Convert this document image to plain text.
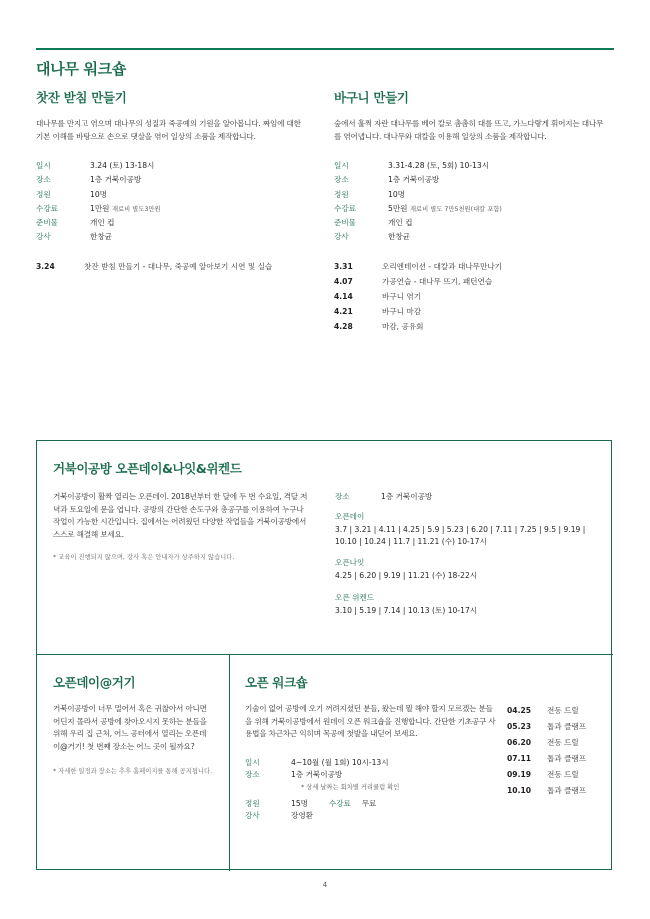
대나무 워크숍
찻잔 받침 만들기

대나무를 만지고 엮으며 대나무의 성질과 죽공예의 기원을 알아봅니다. 짜임에 대한 기본 이해를 바탕으로 손으로 댓살을 엮어 일상의 소품을 제작합니다.

일시	3.24 (토) 13-18시
장소	1층 거북이공방
정원	10명
수강료	1만원 재료비 별도3만원
준비물	개인 컵
강사	한창균
3.24	찻잔 받침 만들기 - 대나무, 죽공예 알아보기 시연 및 실습
바구니 만들기

숲에서 훌쩍 자란 대나무를 베어 칼로 촘촘히 대를 뜨고, 가느다랗게 휘어지는 대나무를 엮어냅니다. 대나무와 대칼을 이용해 일상의 소품을 제작합니다.

일시	3.31-4.28 (토, 5회) 10-13시
장소	1층 거북이공방
정원	10명
수강료	5만원 재료비 별도 7만5천원(대칼 포함)
준비물	개인 컵
강사	한창균
3.31	오리엔테이션 - 대칼과 대나무만나기
4.07	가공연습 - 대나무 뜨기, 패턴연습
4.14	바구니 엮기
4.21	바구니 마감
4.28	마감, 공유회
거북이공방 오픈데이&나잇&위켄드

거북이공방이 활짝 열리는 오픈데이. 2018년부터 한 달에 두 번 수요일, 격달 저녁과 토요일에 문을 엽니다. 공방의 간단한 손도구와 총공구를 이용하여 누구나 작업이 가능한 시간입니다. 집에서는 어려웠던 다양한 작업들을 거북이공방에서 스스로 해결해 보세요.

* 교육이 진행되지 않으며, 강사 혹은 안내자가 상주하지 않습니다.
장소	1층 거북이공방
오픈데이
3.7 | 3.21 | 4.11 | 4.25 | 5.9 | 5.23 | 6.20 | 7.11 | 7.25 | 9.5 | 9.19 | 10.10 | 10.24 | 11.7 | 11.21 (수) 10-17시
오픈나잇
4.25 | 6.20 | 9.19 | 11.21 (수) 18-22시
오픈 위켄드
3.10 | 5.19 | 7.14 | 10.13 (토) 10-17시
오픈데이@거기

거북이공방이 너무 멀어서 혹은 귀찮아서 아니면 어딘지 몰라서 공방에 찾아오시지 못하는 분들을 위해 우리 집 근처, 어느 공터에서 열리는 오픈데이@거기! 첫 번째 장소는 어느 곳이 될까요?

* 자세한 일정과 장소는 추후 홈페이지를 통해 공지됩니다.
오픈 워크숍

기술이 없어 공방에 오기 꺼려지셨던 분들, 왔는데 뭘 해야 할지 모르겠는 분들을 위해 거북이공방에서 원데이 오픈 워크숍을 진행합니다. 간단한 기초공구 사용법을 차근차근 익히며 목공에 첫발을 내딛어 보세요.

일시	4~10월 (월 1회) 10시-13시
장소	1층 거북이공방
* 상세 날짜는 회차별 커리큘럼 확인
정원	15명	수강료 무료
강사	장영환
04.25	전동 드릴
05.23	톱과 클램프
06.20	전동 드릴
07.11	톱과 클램프
09.19	전동 드릴
10.10	톱과 클램프
4
